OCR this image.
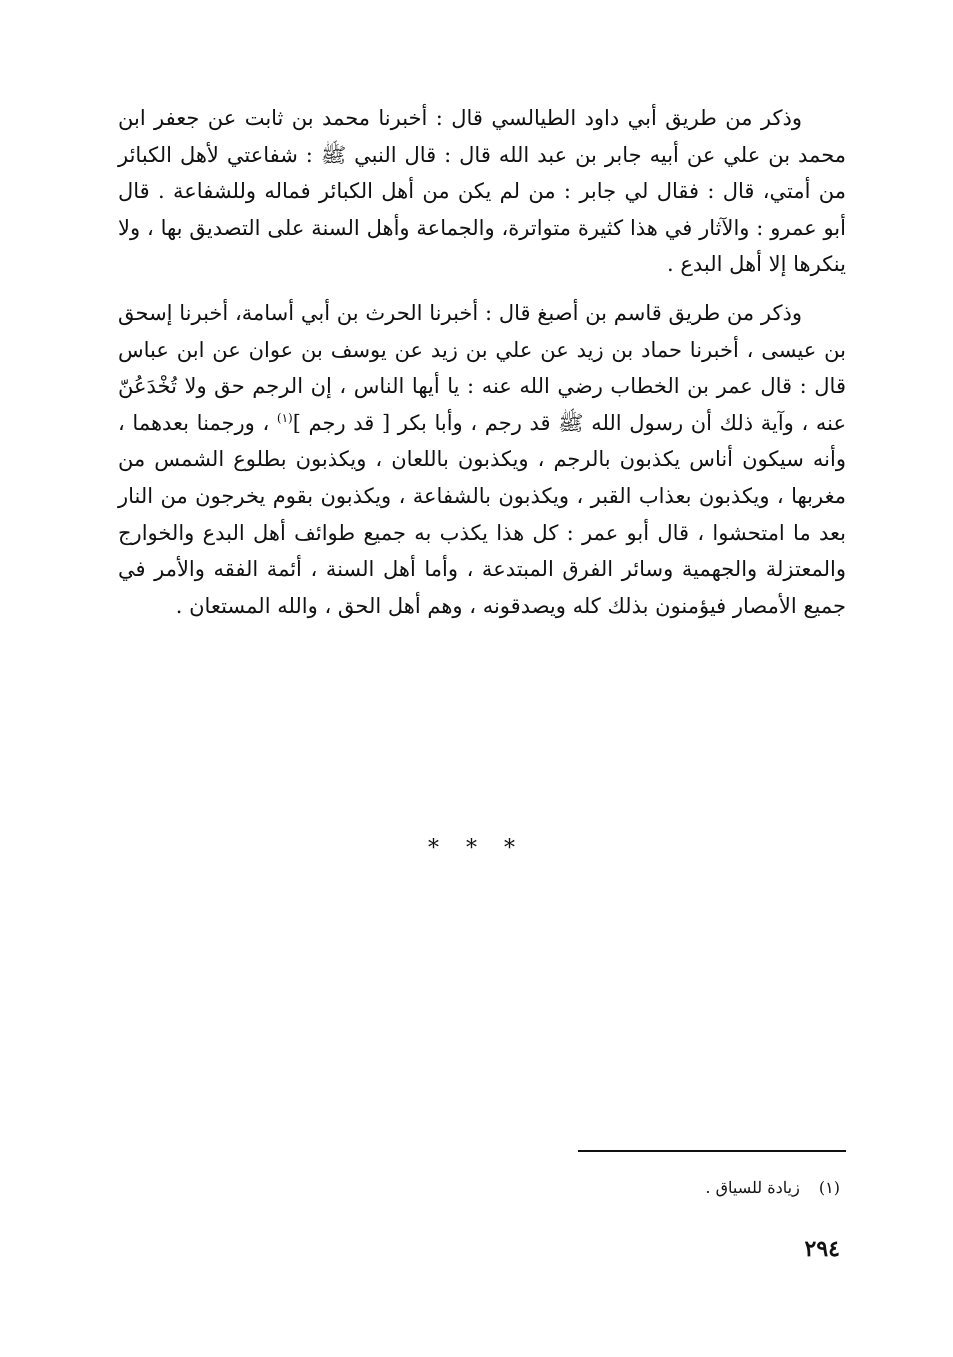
وذكر من طريق أبي داود الطيالسي قال : أخبرنا محمد بن ثابت عن جعفر ابن محمد بن علي عن أبيه جابر بن عبد الله قال : قال النبي ﷺ : شفاعتي لأهل الكبائر من أمتي، قال : فقال لي جابر : من لم يكن من أهل الكبائر فماله وللشفاعة . قال أبو عمرو : والآثار في هذا كثيرة متواترة، والجماعة وأهل السنة على التصديق بها ، ولا ينكرها إلا أهل البدع .

وذكر من طريق قاسم بن أصبغ قال : أخبرنا الحرث بن أبي أسامة، أخبرنا إسحق بن عيسى ، أخبرنا حماد بن زيد عن علي بن زيد عن يوسف بن عوان عن ابن عباس قال : قال عمر بن الخطاب رضي الله عنه : يا أيها الناس ، إن الرجم حق ولا تُخْدَعُنّ عنه ، وآية ذلك أن رسول الله ﷺ قد رجم ، وأبا بكر [ قد رجم ]$^{(١)}$ ، ورجمنا بعدهما ، وأنه سيكون أناس يكذبون بالرجم ، ويكذبون باللعان ، ويكذبون بطلوع الشمس من مغربها ، ويكذبون بعذاب القبر ، ويكذبون بالشفاعة ، ويكذبون بقوم يخرجون من النار بعد ما امتحشوا ، قال أبو عمر : كل هذا يكذب به جميع طوائف أهل البدع والخوارج والمعتزلة والجهمية وسائر الفرق المبتدعة ، وأما أهل السنة ، أئمة الفقه والأمر في جميع الأمصار فيؤمنون بذلك كله ويصدقونه ، وهم أهل الحق ، والله المستعان .

* * *
(١) زيادة للسياق .
٢٩٤
